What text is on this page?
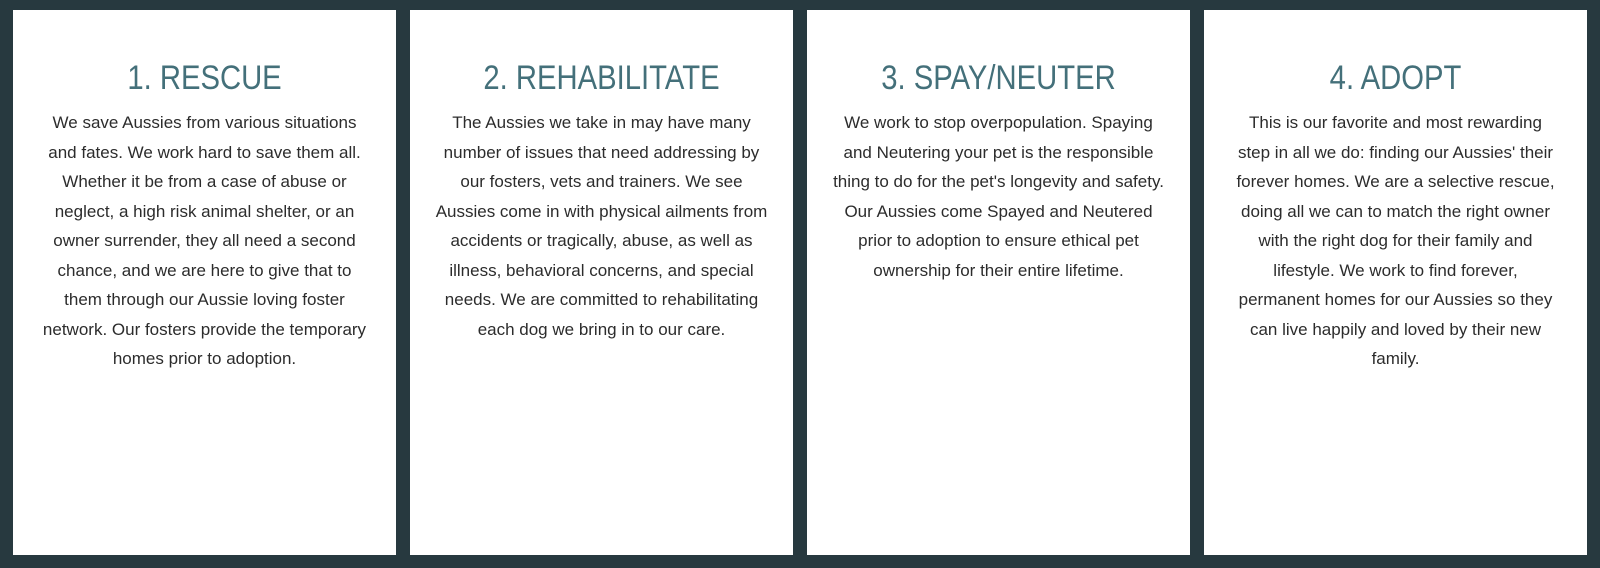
1. RESCUE

We save Aussies from various situations and fates. We work hard to save them all. Whether it be from a case of abuse or neglect, a high risk animal shelter, or an owner surrender, they all need a second chance, and we are here to give that to them through our Aussie loving foster network. Our fosters provide the temporary homes prior to adoption.

2. REHABILITATE

The Aussies we take in may have many number of issues that need addressing by our fosters, vets and trainers. We see Aussies come in with physical ailments from accidents or tragically, abuse, as well as illness, behavioral concerns, and special needs. We are committed to rehabilitating each dog we bring in to our care.

3. SPAY/NEUTER

We work to stop overpopulation. Spaying and Neutering your pet is the responsible thing to do for the pet's longevity and safety. Our Aussies come Spayed and Neutered prior to adoption to ensure ethical pet ownership for their entire lifetime.

4. ADOPT

This is our favorite and most rewarding step in all we do: finding our Aussies' their forever homes. We are a selective rescue, doing all we can to match the right owner with the right dog for their family and lifestyle. We work to find forever, permanent homes for our Aussies so they can live happily and loved by their new family.
